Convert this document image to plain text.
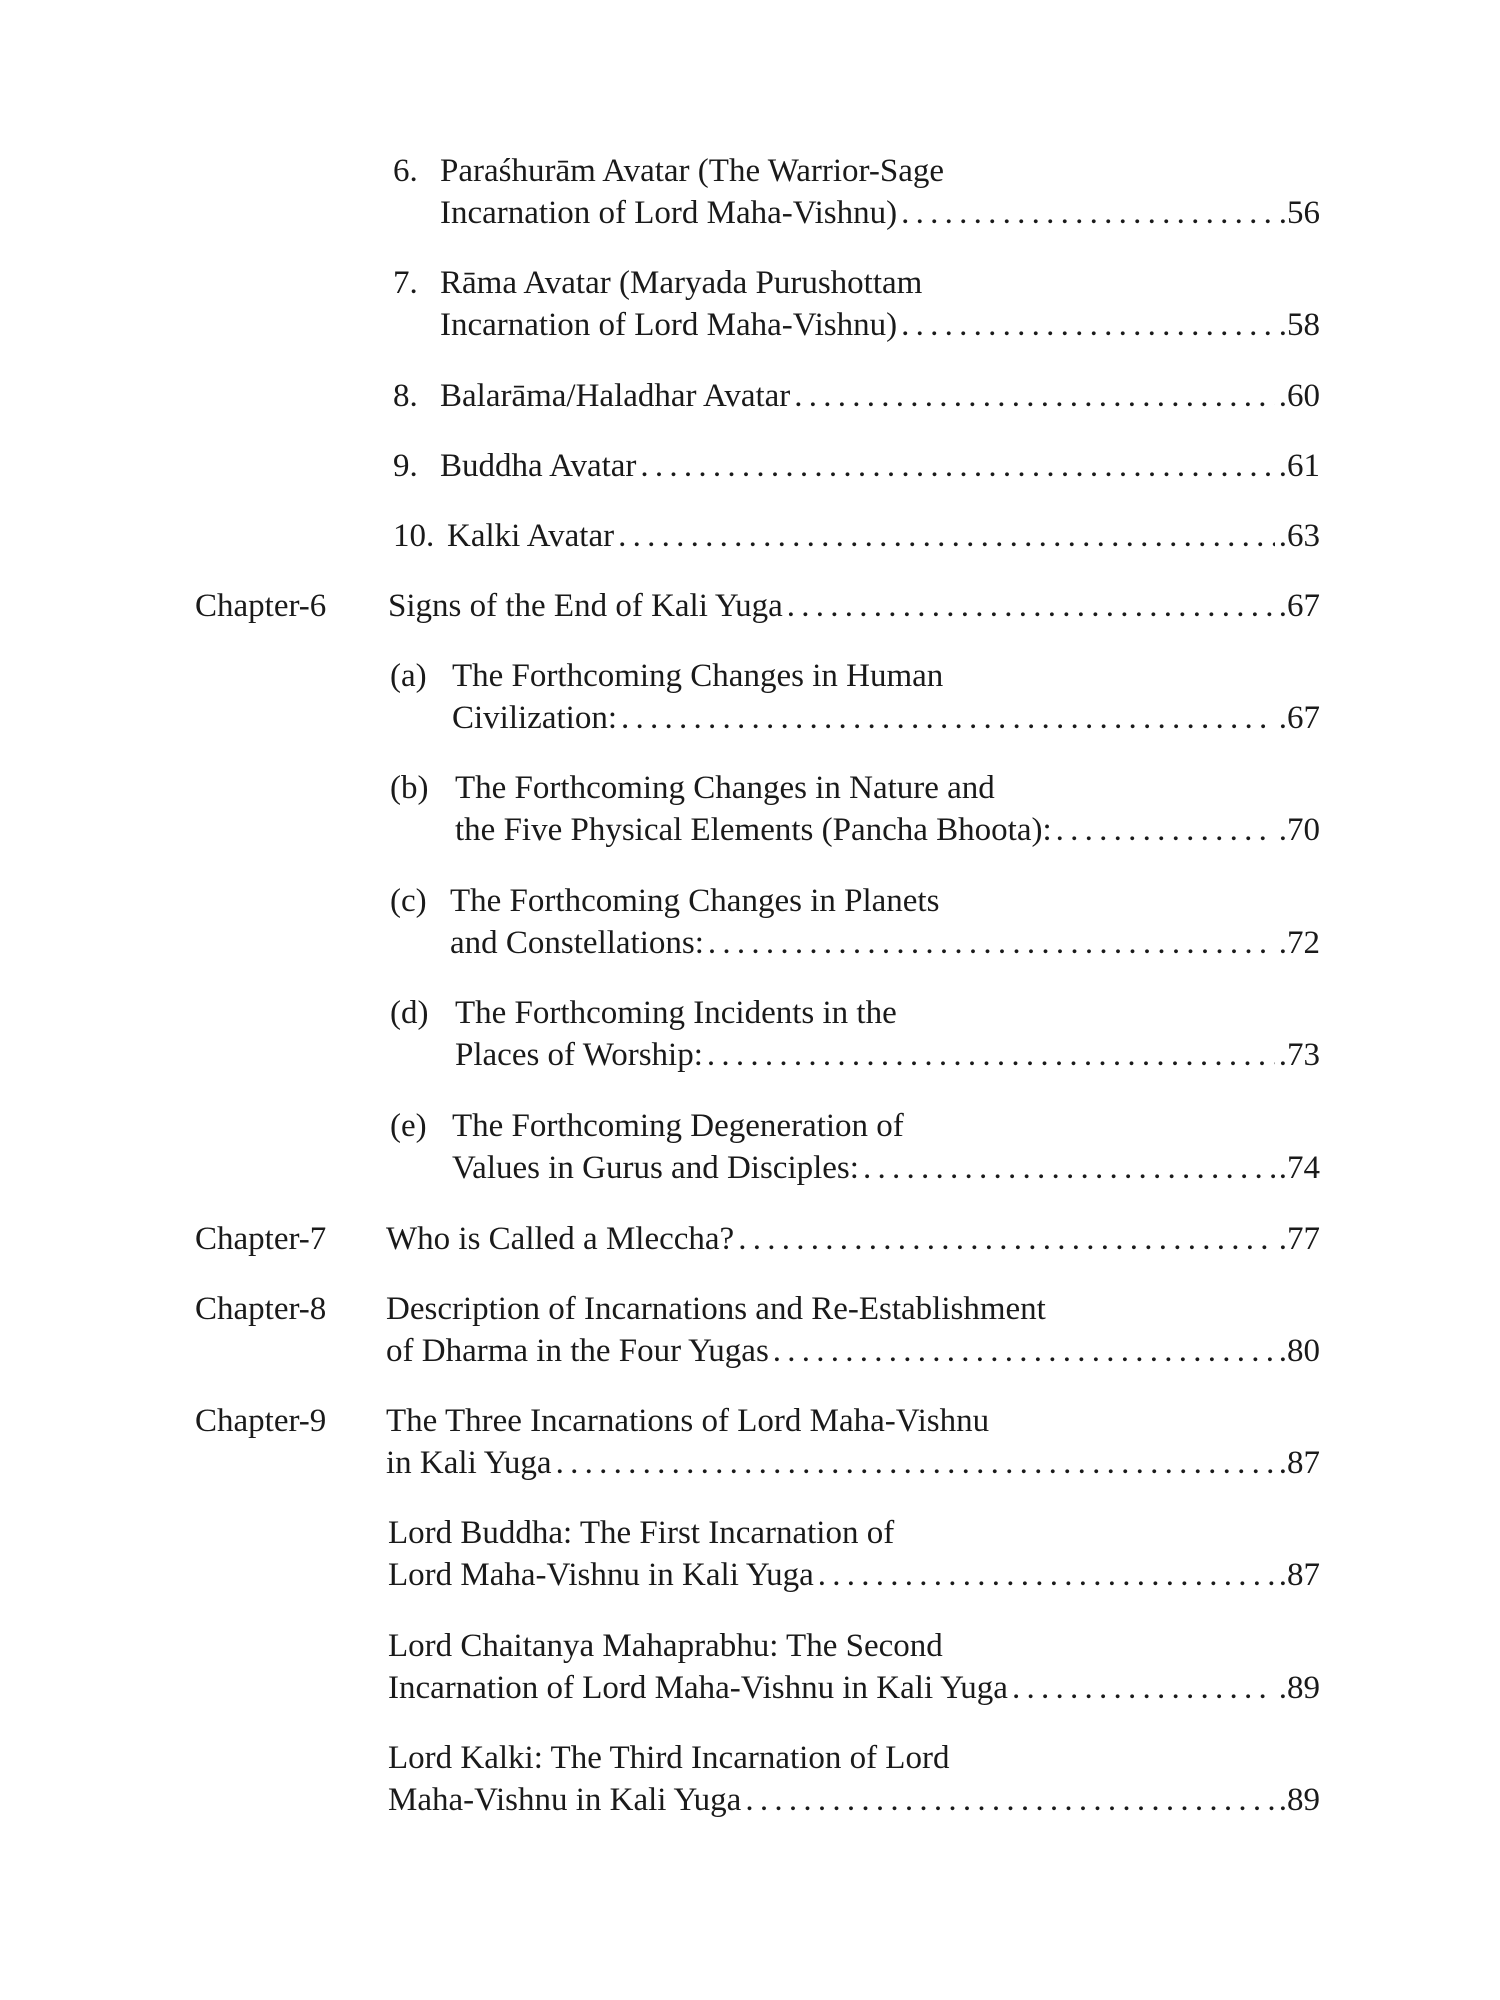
6. Paraśhurām Avatar (The Warrior-Sage
Incarnation of Lord Maha-Vishnu) . . .	.56
7. Rāma Avatar (Maryada Purushottam
Incarnation of Lord Maha-Vishnu) . . .	.58
8. Balarāma/Haladhar Avatar . . .	.60
9. Buddha Avatar . . .	.61
10. Kalki Avatar . . .	.63
Chapter-6 Signs of the End of Kali Yuga . . .	.67
(a) The Forthcoming Changes in Human
Civilization: . . .	.67
(b) The Forthcoming Changes in Nature and
the Five Physical Elements (Pancha Bhoota): . . .	.70
(c) The Forthcoming Changes in Planets
and Constellations: . . .	.72
(d) The Forthcoming Incidents in the
Places of Worship: . . .	.73
(e) The Forthcoming Degeneration of
Values in Gurus and Disciples: . . .	.74
Chapter-7 Who is Called a Mleccha? . . .	.77
Chapter-8 Description of Incarnations and Re-Establishment
of Dharma in the Four Yugas . . .	.80
Chapter-9 The Three Incarnations of Lord Maha-Vishnu
in Kali Yuga . . .	.87
Lord Buddha: The First Incarnation of
Lord Maha-Vishnu in Kali Yuga . . .	.87
Lord Chaitanya Mahaprabhu: The Second
Incarnation of Lord Maha-Vishnu in Kali Yuga . . .	.89
Lord Kalki: The Third Incarnation of Lord
Maha-Vishnu in Kali Yuga . . .	.89
